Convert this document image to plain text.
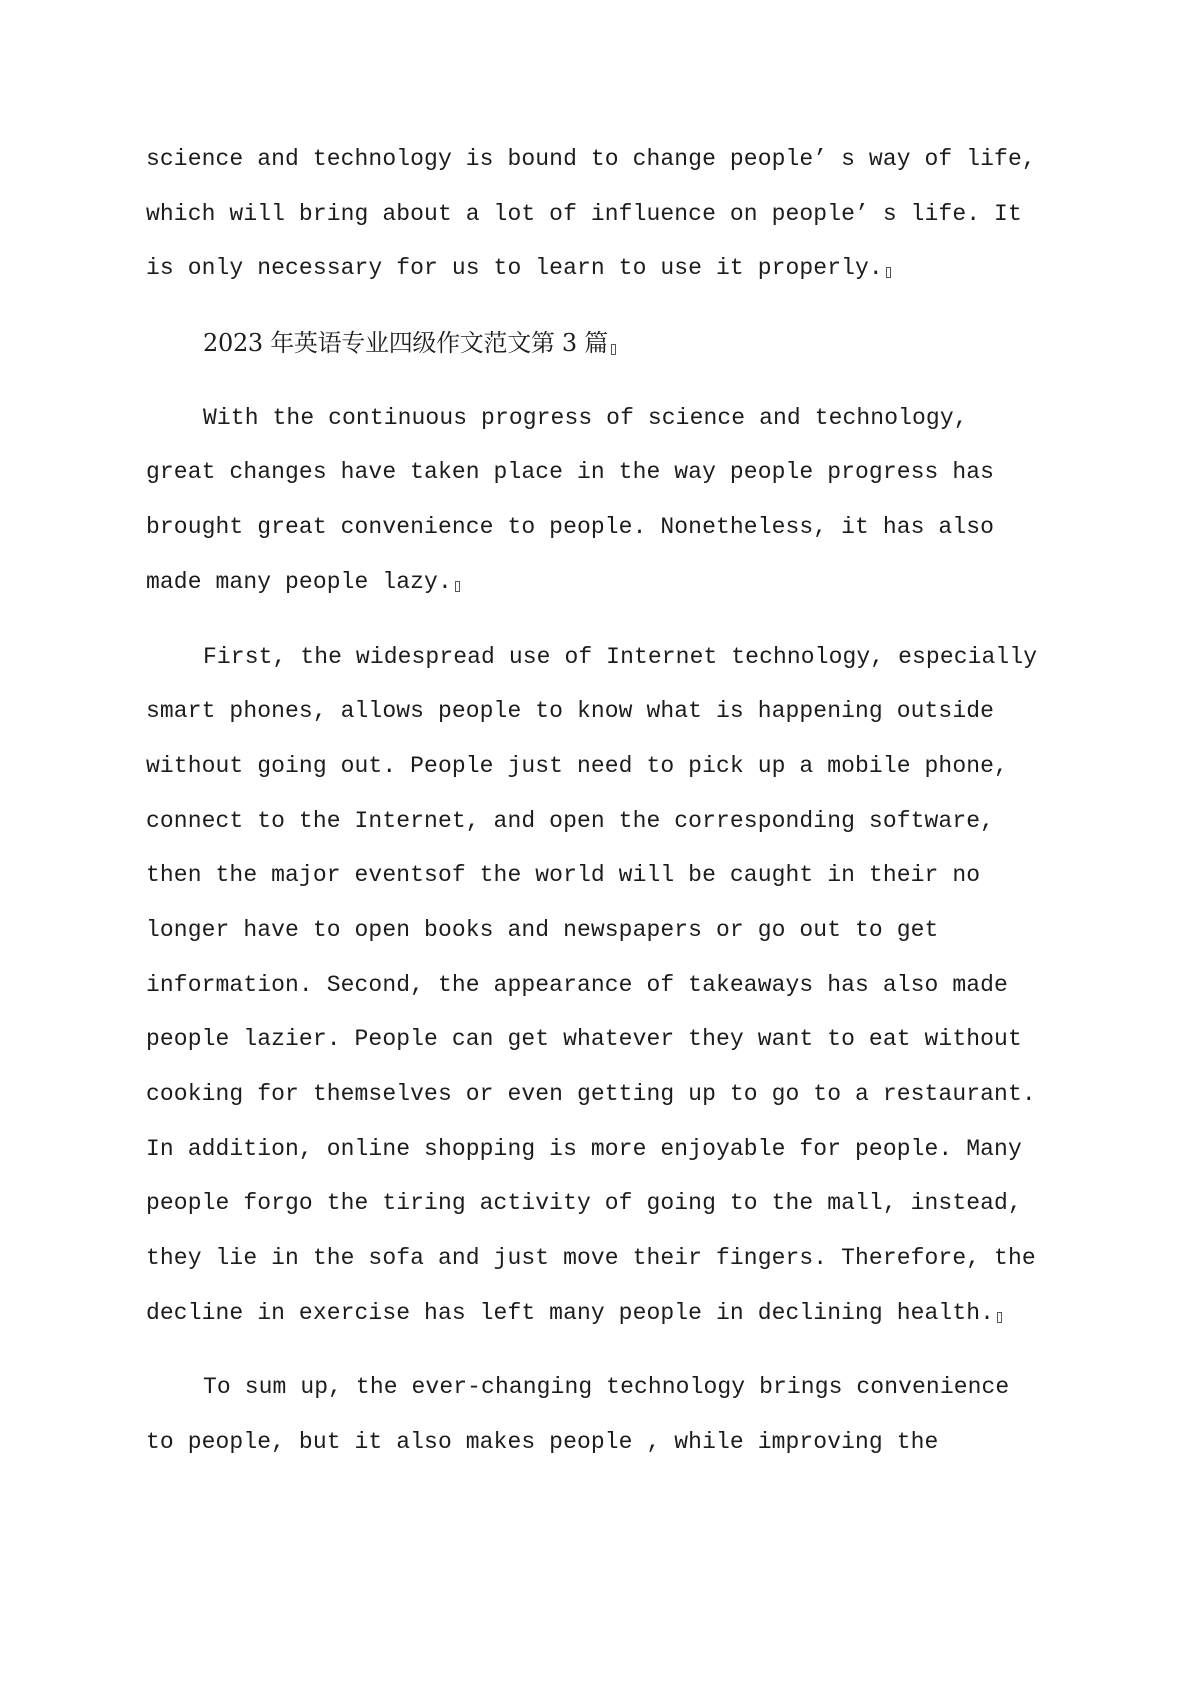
science and technology is bound to change people’ s way of life,
which will bring about a lot of influence on people’ s life. It
is only necessary for us to learn to use it properly.
2023 年英语专业四级作文范文第 3 篇
With the continuous progress of science and technology,
great changes have taken place in the way people progress has
brought great convenience to people. Nonetheless, it has also
made many people lazy.
First, the widespread use of Internet technology, especially
smart phones, allows people to know what is happening outside
without going out. People just need to pick up a mobile phone,
connect to the Internet, and open the corresponding software,
then the major eventsof the world will be caught in their no
longer have to open books and newspapers or go out to get
information. Second, the appearance of takeaways has also made
people lazier. People can get whatever they want to eat without
cooking for themselves or even getting up to go to a restaurant.
In addition, online shopping is more enjoyable for people. Many
people forgo the tiring activity of going to the mall, instead,
they lie in the sofa and just move their fingers. Therefore, the
decline in exercise has left many people in declining health.
To sum up, the ever-changing technology brings convenience
to people, but it also makes people , while improving the
